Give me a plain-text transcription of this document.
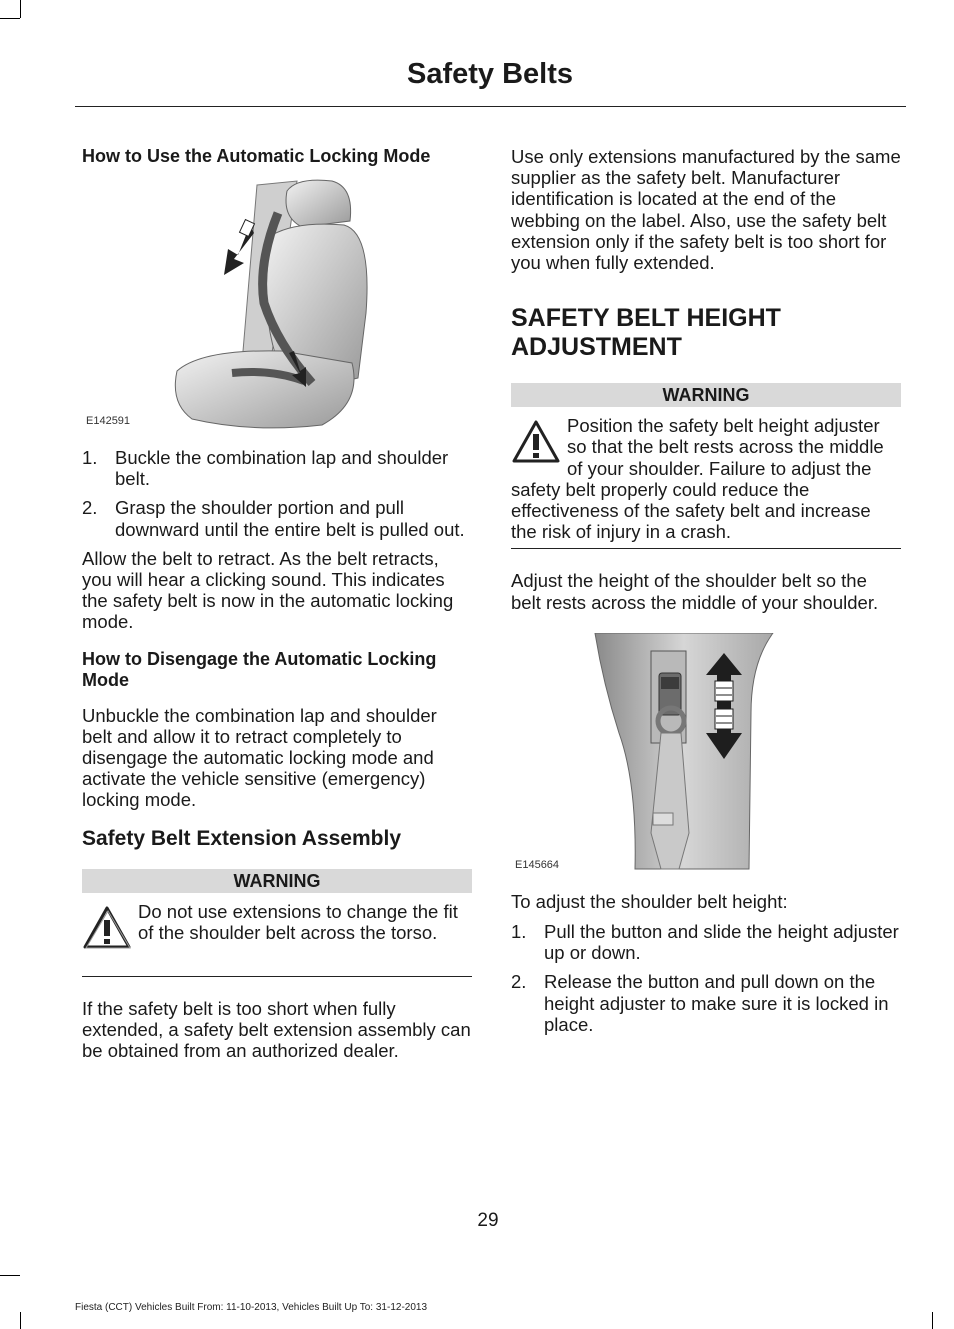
Safety Belts

How to Use the Automatic Locking Mode

E142591
1. Buckle the combination lap and shoulder belt.
2. Grasp the shoulder portion and pull downward until the entire belt is pulled out.

Allow the belt to retract. As the belt retracts, you will hear a clicking sound. This indicates the safety belt is now in the automatic locking mode.

How to Disengage the Automatic Locking Mode

Unbuckle the combination lap and shoulder belt and allow it to retract completely to disengage the automatic locking mode and activate the vehicle sensitive (emergency) locking mode.

Safety Belt Extension Assembly

WARNING
Do not use extensions to change the fit of the shoulder belt across the torso.

If the safety belt is too short when fully extended, a safety belt extension assembly can be obtained from an authorized dealer.

Use only extensions manufactured by the same supplier as the safety belt. Manufacturer identification is located at the end of the webbing on the label. Also, use the safety belt extension only if the safety belt is too short for you when fully extended.

SAFETY BELT HEIGHT ADJUSTMENT

WARNING
Position the safety belt height adjuster so that the belt rests across the middle of your shoulder. Failure to adjust the safety belt properly could reduce the effectiveness of the safety belt and increase the risk of injury in a crash.

Adjust the height of the shoulder belt so the belt rests across the middle of your shoulder.

E145664

To adjust the shoulder belt height:

1. Pull the button and slide the height adjuster up or down.
2. Release the button and pull down on the height adjuster to make sure it is locked in place.
29
Fiesta (CCT) Vehicles Built From: 11-10-2013, Vehicles Built Up To: 31-12-2013
